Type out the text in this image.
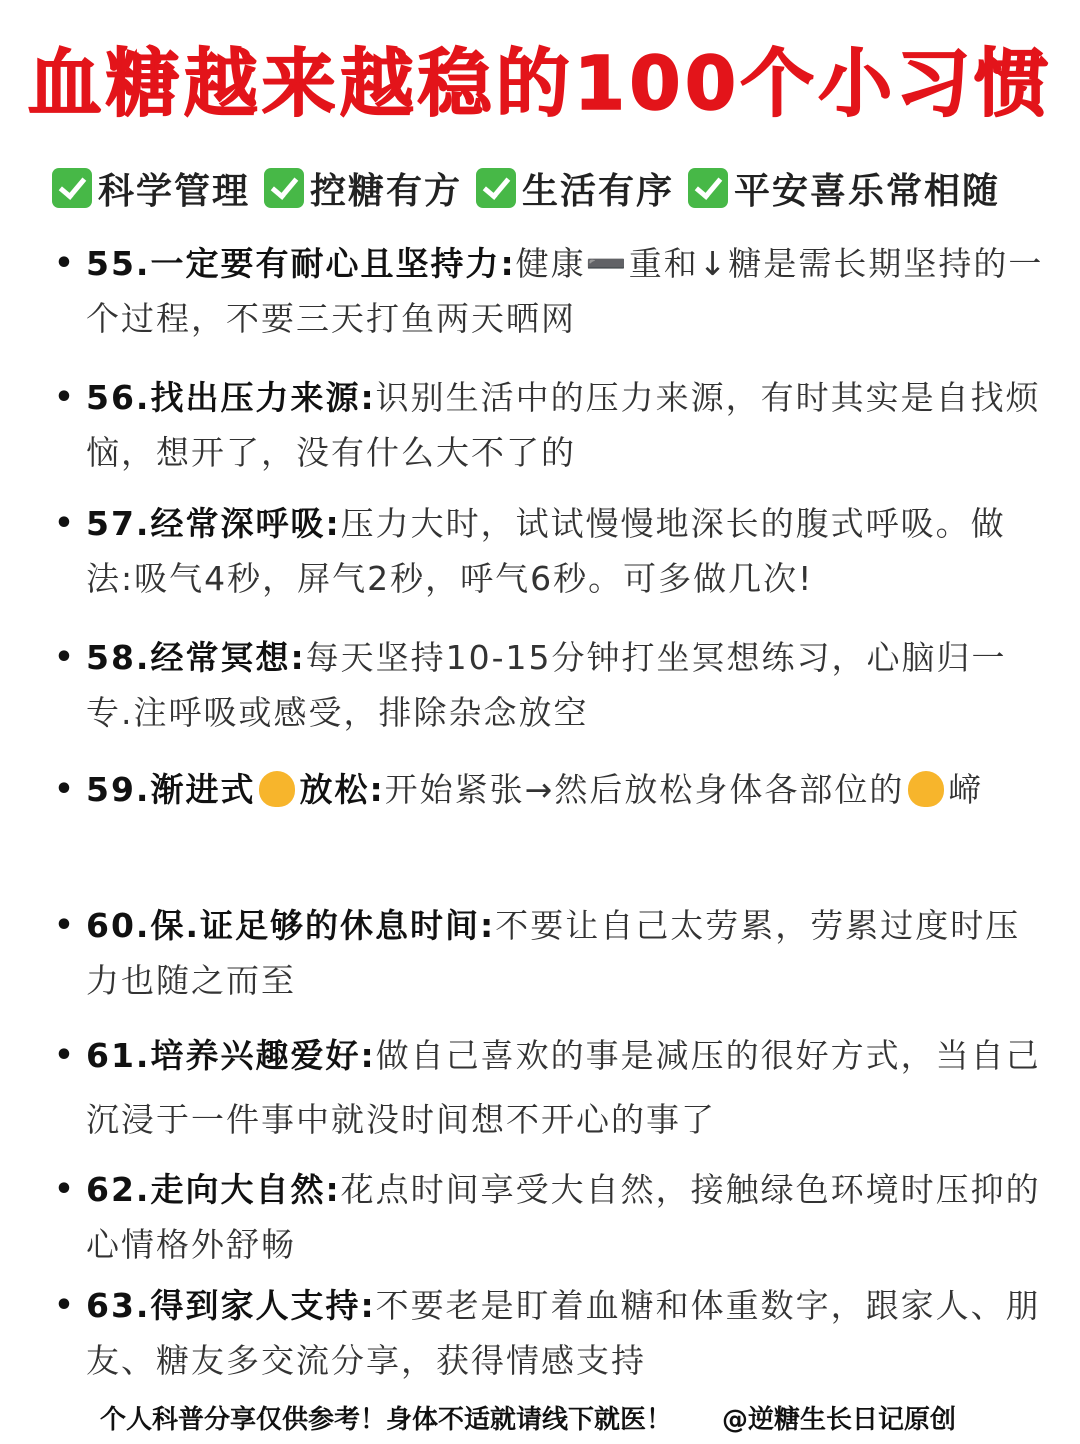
血糖越来越稳的100个小习惯
科学管理 控糖有方 生活有序 平安喜乐常相随
• 55.一定要有耐心且坚持力:健康➖重和↓糖是需长期坚持的一个过程，不要三天打鱼两天晒网
• 56.找出压力来源:识别生活中的压力来源，有时其实是自找烦恼，想开了，没有什么大不了的
• 57.经常深呼吸:压力大时，试试慢慢地深长的腹式呼吸。做法:吸气4秒，屏气2秒，呼气6秒。可多做几次!
• 58.经常冥想:每天坚持10-15分钟打坐冥想练习，心脑归一专.注呼吸或感受，排除杂念放空
• 59.渐进式 放松:开始紧张→然后放松身体各部位的 崹
• 60.保.证足够的休息时间:不要让自己太劳累，劳累过度时压力也随之而至
• 61.培养兴趣爱好:做自己喜欢的事是减压的很好方式，当自己沉浸于一件事中就没时间想不开心的事了
• 62.走向大自然:花点时间享受大自然，接触绿色环境时压抑的心情格外舒畅
• 63.得到家人支持:不要老是盯着血糖和体重数字，跟家人、朋友、糖友多交流分享，获得情感支持
个人科普分享仅供参考！身体不适就请线下就医！ @逆糖生长日记原创
